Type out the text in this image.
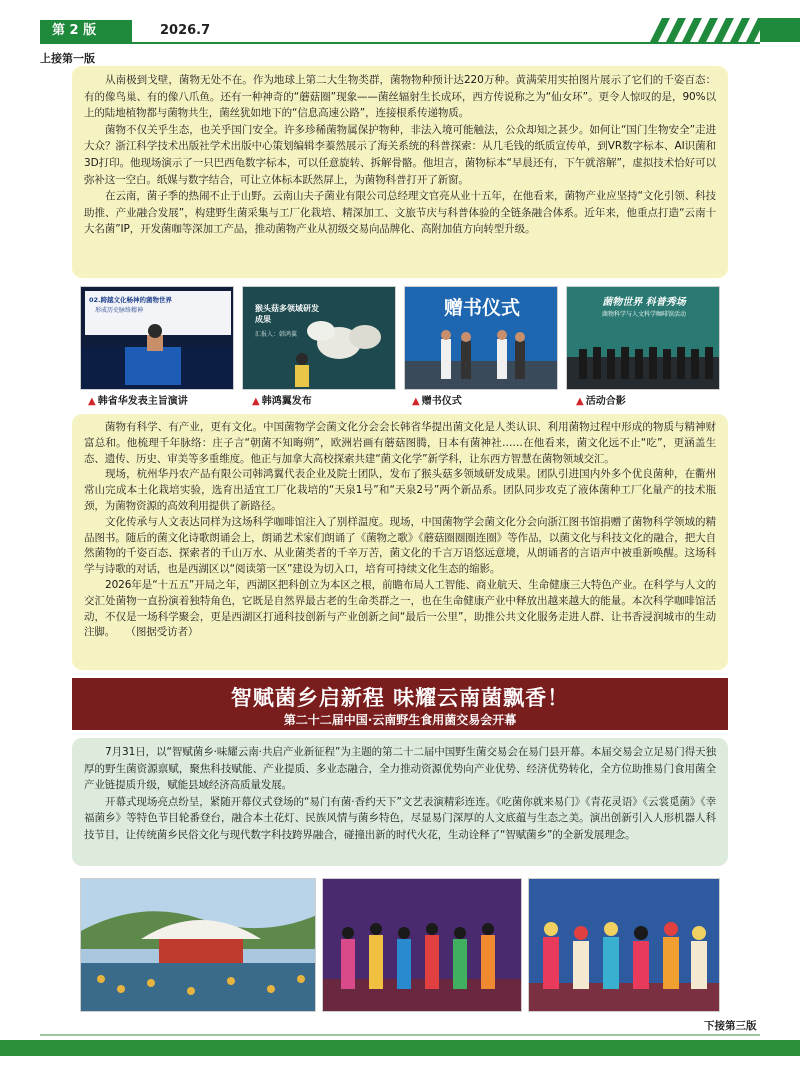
第 2 版	2026.7
上接第一版

从南极到戈壁，菌物无处不在。作为地球上第二大生物类群，菌物物种预计达220万种。黄满荣用实拍图片展示了它们的千姿百态：有的像鸟巢、有的像八爪鱼。还有一种神奇的“蘑菇圈”现象——菌丝辐射生长成环，西方传说称之为“仙女环”。更令人惊叹的是，90%以上的陆地植物都与菌物共生，菌丝犹如地下的“信息高速公路”，连接根系传递物质。

菌物不仅关乎生态，也关乎国门安全。许多珍稀菌物属保护物种，非法入境可能触法，公众却知之甚少。如何让“国门生物安全”走进大众？浙江科学技术出版社学术出版中心策划编辑李蓁然展示了海关系统的科普探索：从几毛钱的纸质宣传单，到VR数字标本、AI识菌和3D打印。他现场演示了一只巴西龟数字标本，可以任意旋转、拆解骨骼。他坦言，菌物标本“早晨还有，下午就溶解”，虚拟技术恰好可以弥补这一空白。纸媒与数字结合，可让立体标本跃然屏上，为菌物科普打开了新窗。

在云南，菌子季的热闹不止于山野。云南山夫子菌业有限公司总经理文官亮从业十五年，在他看来，菌物产业应坚持“文化引领、科技助推、产业融合发展”，构建野生菌采集与工厂化栽培、精深加工、文旅节庆与科普体验的全链条融合体系。近年来，他重点打造“云南十大名菌”IP，开发菌咖等深加工产品，推动菌物产业从初级交易向品牌化、高附加值方向转型升级。

02.跨越文化畅神的菌物世界
形成历史脉络精神	猴头菇多领域研发成果
汇报人：韩鸿翼
赠书仪式	菌物世界 科普秀场
菌物科学与人文科学咖啡馆活动
▲ 韩省华发表主旨演讲	▲ 韩鸿翼发布	▲ 赠书仪式	▲ 活动合影

菌物有科学、有产业，更有文化。中国菌物学会菌文化分会会长韩省华提出菌文化是人类认识、利用菌物过程中形成的物质与精神财富总和。他梳理千年脉络：庄子言“朝菌不知晦朔”，欧洲岩画有蘑菇图腾，日本有菌神社……在他看来，菌文化远不止“吃”，更涵盖生态、遗传、历史、审美等多重维度。他正与加拿大高校探索共建“菌文化学”新学科，让东西方智慧在菌物领域交汇。

现场，杭州华丹农产品有限公司韩鸿翼代表企业及院士团队，发布了猴头菇多领域研发成果。团队引进国内外多个优良菌种，在衢州常山完成本土化栽培实验，选育出适宜工厂化栽培的“天泉1号”和“天泉2号”两个新品系。团队同步攻克了液体菌种工厂化量产的技术瓶颈，为菌物资源的高效利用提供了新路径。

文化传承与人文表达同样为这场科学咖啡馆注入了别样温度。现场，中国菌物学会菌文化分会向浙江图书馆捐赠了菌物科学领域的精品图书。随后的菌文化诗歌朗诵会上，朗诵艺术家们朗诵了《菌物之歌》《蘑菇圈圈圈连圈》等作品，以菌文化与科技文化的融合，把大自然菌物的千姿百态、探索者的千山万水、从业菌类者的千辛万苦，菌文化的千言万语悠远意境，从朗诵者的言语声中被重新唤醒。这场科学与诗歌的对话，也是西湖区以“阅读第一区”建设为切入口，培育可持续文化生态的缩影。

2026年是“十五五”开局之年，西湖区把科创立为本区之根，前瞻布局人工智能、商业航天、生命健康三大特色产业。在科学与人文的交汇处菌物一直扮演着独特角色，它既是自然界最古老的生命类群之一，也在生命健康产业中释放出越来越大的能量。本次科学咖啡馆活动，不仅是一场科学聚会，更是西湖区打通科技创新与产业创新之间“最后一公里”，助推公共文化服务走进人群、让书香浸润城市的生动注脚。　　（图据受访者）

智赋菌乡启新程 味耀云南菌飘香！
第二十二届中国·云南野生食用菌交易会开幕

7月31日，以“智赋菌乡·味耀云南·共启产业新征程”为主题的第二十二届中国野生菌交易会在易门县开幕。本届交易会立足易门得天独厚的野生菌资源禀赋，聚焦科技赋能、产业提质、多业态融合，全力推动资源优势向产业优势、经济优势转化，全方位助推易门食用菌全产业链提质升级，赋能县域经济高质量发展。

开幕式现场亮点纷呈，紧随开幕仪式登场的“易门有菌·香约天下”文艺表演精彩连连。《吃菌你就来易门》《青花灵语》《云裳觅菌》《幸福菌乡》等特色节目轮番登台，融合本土花灯、民族风情与菌乡特色，尽显易门深厚的人文底蕴与生态之美。演出创新引入人形机器人科技节目，让传统菌乡民俗文化与现代数字科技跨界融合，碰撞出新的时代火花，生动诠释了“智赋菌乡”的全新发展理念。

下接第三版
